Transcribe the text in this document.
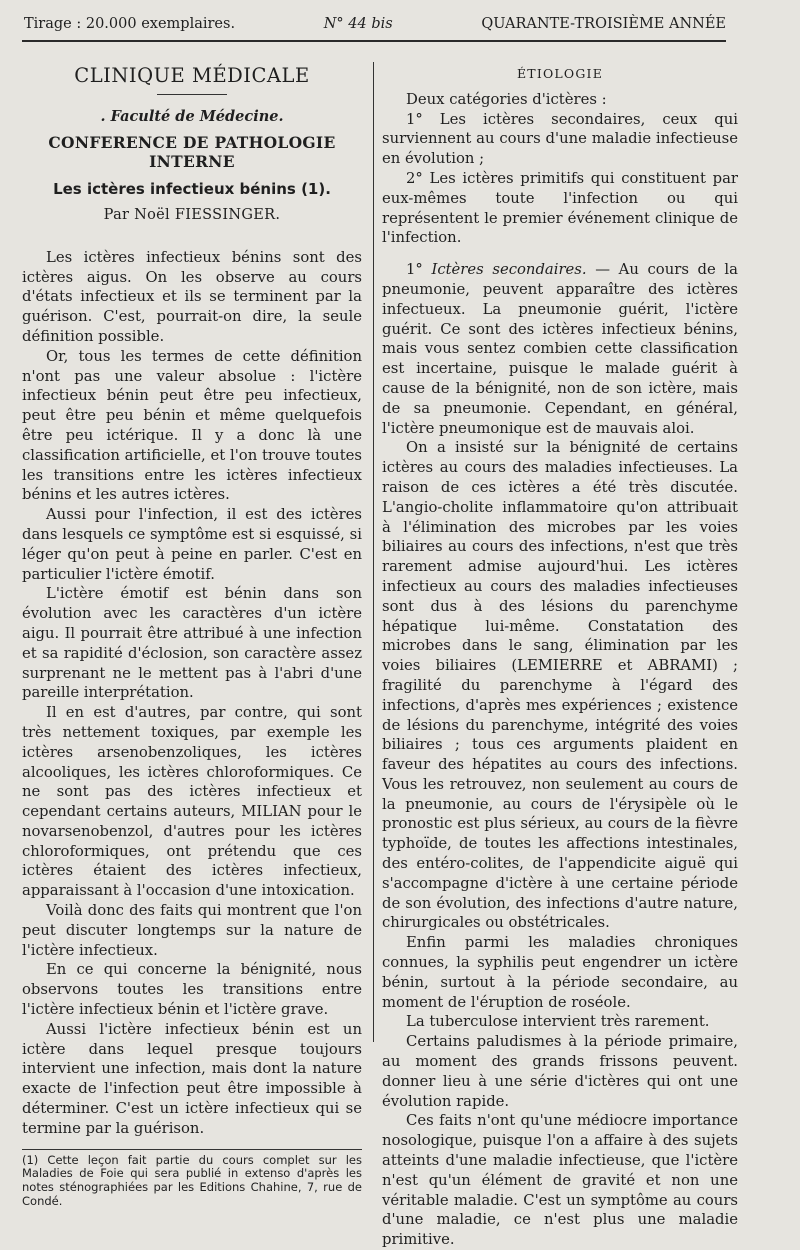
Tirage : 20.000 exemplaires.	N° 44 bis	QUARANTE-TROISIÈME ANNÉE
CLINIQUE MÉDICALE
. Faculté de Médecine.
CONFERENCE DE PATHOLOGIE INTERNE
Les ictères infectieux bénins (1).
Par Noël FIESSINGER.

Les ictères infectieux bénins sont des ictères aigus. On les observe au cours d'états infectieux et ils se terminent par la guérison. C'est, pourrait-on dire, la seule définition possible.

Or, tous les termes de cette définition n'ont pas une valeur absolue : l'ictère infectieux bénin peut être peu infectieux, peut être peu bénin et même quelquefois être peu ictérique. Il y a donc là une classification artificielle, et l'on trouve toutes les transitions entre les ictères infectieux bénins et les autres ictères.

Aussi pour l'infection, il est des ictères dans lesquels ce symptôme est si esquissé, si léger qu'on peut à peine en parler. C'est en particulier l'ictère émotif.

L'ictère émotif est bénin dans son évolution avec les caractères d'un ictère aigu. Il pourrait être attribué à une infection et sa rapidité d'éclosion, son caractère assez surprenant ne le mettent pas à l'abri d'une pareille interprétation.

Il en est d'autres, par contre, qui sont très nettement toxiques, par exemple les ictères arsenobenzoliques, les ictères alcooliques, les ictères chloroformiques. Ce ne sont pas des ictères infectieux et cependant certains auteurs, MILIAN pour le novarsenobenzol, d'autres pour les ictères chloroformiques, ont prétendu que ces ictères étaient des ictères infectieux, apparaissant à l'occasion d'une intoxication.

Voilà donc des faits qui montrent que l'on peut discuter longtemps sur la nature de l'ictère infectieux.

En ce qui concerne la bénignité, nous observons toutes les transitions entre l'ictère infectieux bénin et l'ictère grave.

Aussi l'ictère infectieux bénin est un ictère dans lequel presque toujours intervient une infection, mais dont la nature exacte de l'infection peut être impossible à déterminer. C'est un ictère infectieux qui se termine par la guérison.

(1) Cette leçon fait partie du cours complet sur les Maladies de Foie qui sera publié in extenso d'après les notes sténographiées par les Editions Chahine, 7, rue de Condé.
ÉTIOLOGIE

Deux catégories d'ictères :

1° Les ictères secondaires, ceux qui surviennent au cours d'une maladie infectieuse en évolution ;

2° Les ictères primitifs qui constituent par eux-mêmes toute l'infection ou qui représentent le premier événement clinique de l'infection.

1° Ictères secondaires. — Au cours de la pneumonie, peuvent apparaître des ictères infectueux. La pneumonie guérit, l'ictère guérit. Ce sont des ictères infectieux bénins, mais vous sentez combien cette classification est incertaine, puisque le malade guérit à cause de la bénignité, non de son ictère, mais de sa pneumonie. Cependant, en général, l'ictère pneumonique est de mauvais aloi.

On a insisté sur la bénignité de certains ictères au cours des maladies infectieuses. La raison de ces ictères a été très discutée. L'angio-cholite inflammatoire qu'on attribuait à l'élimination des microbes par les voies biliaires au cours des infections, n'est que très rarement admise aujourd'hui. Les ictères infectieux au cours des maladies infectieuses sont dus à des lésions du parenchyme hépatique lui-même. Constatation des microbes dans le sang, élimination par les voies biliaires (LEMIERRE et ABRAMI) ; fragilité du parenchyme à l'égard des infections, d'après mes expériences ; existence de lésions du parenchyme, intégrité des voies biliaires ; tous ces arguments plaident en faveur des hépatites au cours des infections. Vous les retrouvez, non seulement au cours de la pneumonie, au cours de l'érysipèle où le pronostic est plus sérieux, au cours de la fièvre typhoïde, de toutes les affections intestinales, des entéro-colites, de l'appendicite aiguë qui s'accompagne d'ictère à une certaine période de son évolution, des infections d'autre nature, chirurgicales ou obstétricales.

Enfin parmi les maladies chroniques connues, la syphilis peut engendrer un ictère bénin, surtout à la période secondaire, au moment de l'éruption de roséole.

La tuberculose intervient très rarement.

Certains paludismes à la période primaire, au moment des grands frissons peuvent. donner lieu à une série d'ictères qui ont une évolution rapide.

Ces faits n'ont qu'une médiocre importance nosologique, puisque l'on a affaire à des sujets atteints d'une maladie infectieuse, que l'ictère n'est qu'un élément de gravité et non une véritable maladie. C'est un symptôme au cours d'une maladie, ce n'est plus une maladie primitive.
